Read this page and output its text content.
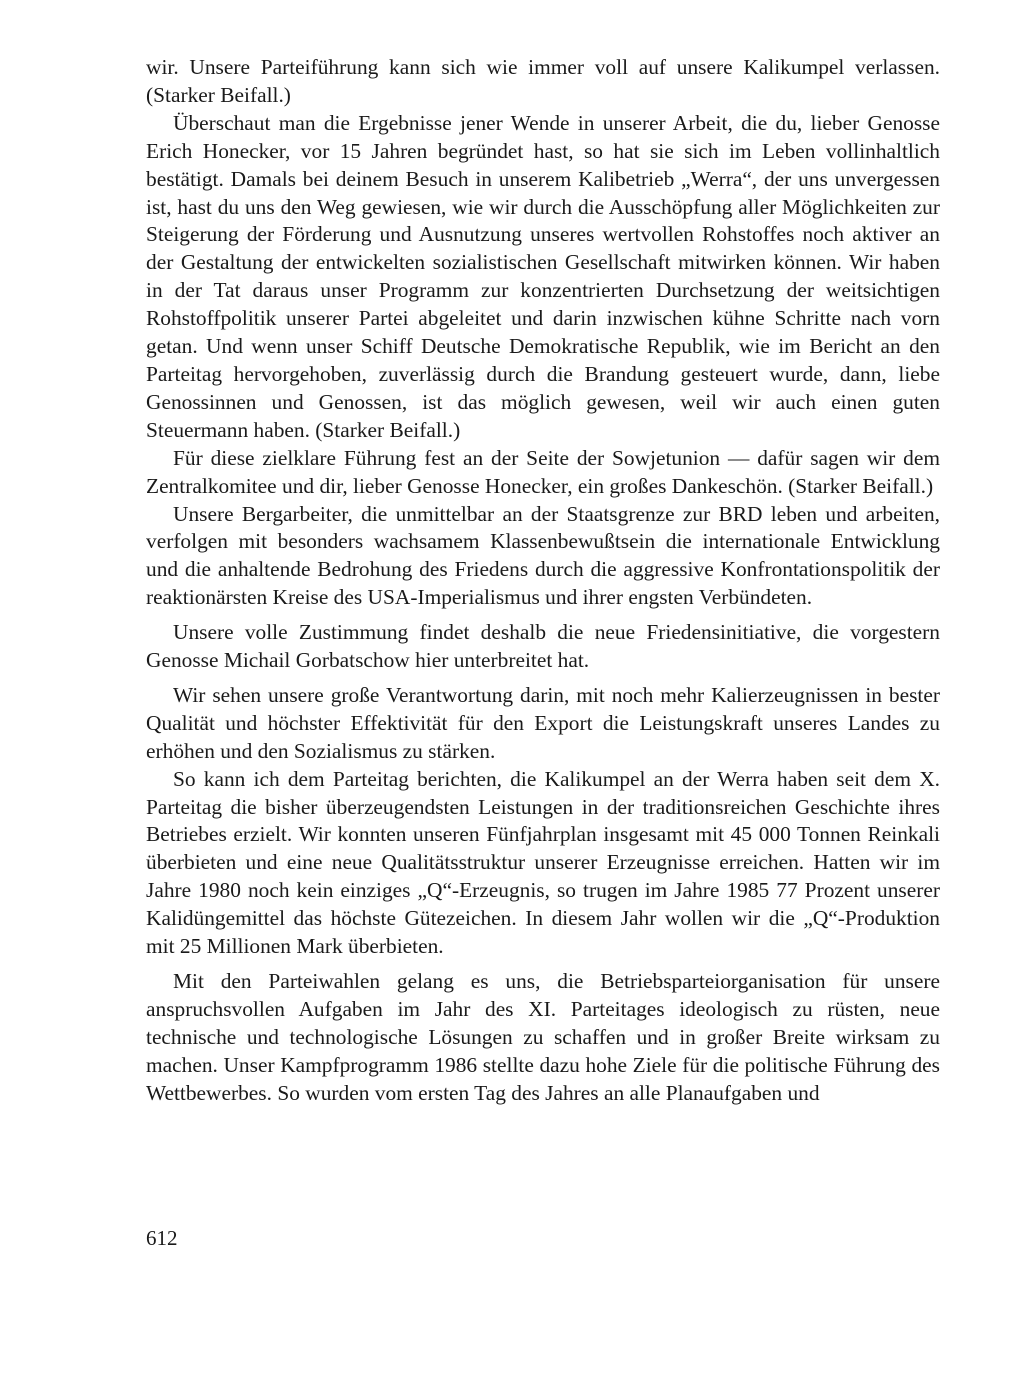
wir. Unsere Parteiführung kann sich wie immer voll auf unsere Kalikumpel verlassen. (Starker Beifall.)

Überschaut man die Ergebnisse jener Wende in unserer Arbeit, die du, lieber Genosse Erich Honecker, vor 15 Jahren begründet hast, so hat sie sich im Leben vollinhaltlich bestätigt. Damals bei deinem Besuch in unserem Kalibetrieb „Werra“, der uns unvergessen ist, hast du uns den Weg gewiesen, wie wir durch die Ausschöpfung aller Möglichkeiten zur Steigerung der Förderung und Ausnutzung unseres wertvollen Rohstoffes noch aktiver an der Gestaltung der entwickelten sozialistischen Gesellschaft mitwirken können. Wir haben in der Tat daraus unser Programm zur konzentrierten Durchsetzung der weitsichtigen Rohstoffpolitik unserer Partei abgeleitet und darin inzwischen kühne Schritte nach vorn getan. Und wenn unser Schiff Deutsche Demokratische Republik, wie im Bericht an den Parteitag hervorgehoben, zuverlässig durch die Brandung gesteuert wurde, dann, liebe Genossinnen und Genossen, ist das möglich gewesen, weil wir auch einen guten Steuermann haben. (Starker Beifall.)

Für diese zielklare Führung fest an der Seite der Sowjetunion — dafür sagen wir dem Zentralkomitee und dir, lieber Genosse Honecker, ein großes Dankeschön. (Starker Beifall.)

Unsere Bergarbeiter, die unmittelbar an der Staatsgrenze zur BRD leben und arbeiten, verfolgen mit besonders wachsamem Klassenbewußtsein die internationale Entwicklung und die anhaltende Bedrohung des Friedens durch die aggressive Konfrontationspolitik der reaktionärsten Kreise des USA-Imperialismus und ihrer engsten Verbündeten.

Unsere volle Zustimmung findet deshalb die neue Friedensinitiative, die vorgestern Genosse Michail Gorbatschow hier unterbreitet hat.

Wir sehen unsere große Verantwortung darin, mit noch mehr Kalierzeugnissen in bester Qualität und höchster Effektivität für den Export die Leistungskraft unseres Landes zu erhöhen und den Sozialismus zu stärken.

So kann ich dem Parteitag berichten, die Kalikumpel an der Werra haben seit dem X. Parteitag die bisher überzeugendsten Leistungen in der traditionsreichen Geschichte ihres Betriebes erzielt. Wir konnten unseren Fünfjahrplan insgesamt mit 45 000 Tonnen Reinkali überbieten und eine neue Qualitätsstruktur unserer Erzeugnisse erreichen. Hatten wir im Jahre 1980 noch kein einziges „Q“-Erzeugnis, so trugen im Jahre 1985 77 Prozent unserer Kalidüngemittel das höchste Gütezeichen. In diesem Jahr wollen wir die „Q“-Produktion mit 25 Millionen Mark überbieten.

Mit den Parteiwahlen gelang es uns, die Betriebsparteiorganisation für unsere anspruchsvollen Aufgaben im Jahr des XI. Parteitages ideologisch zu rüsten, neue technische und technologische Lösungen zu schaffen und in großer Breite wirksam zu machen. Unser Kampfprogramm 1986 stellte dazu hohe Ziele für die politische Führung des Wettbewerbes. So wurden vom ersten Tag des Jahres an alle Planaufgaben und

612
